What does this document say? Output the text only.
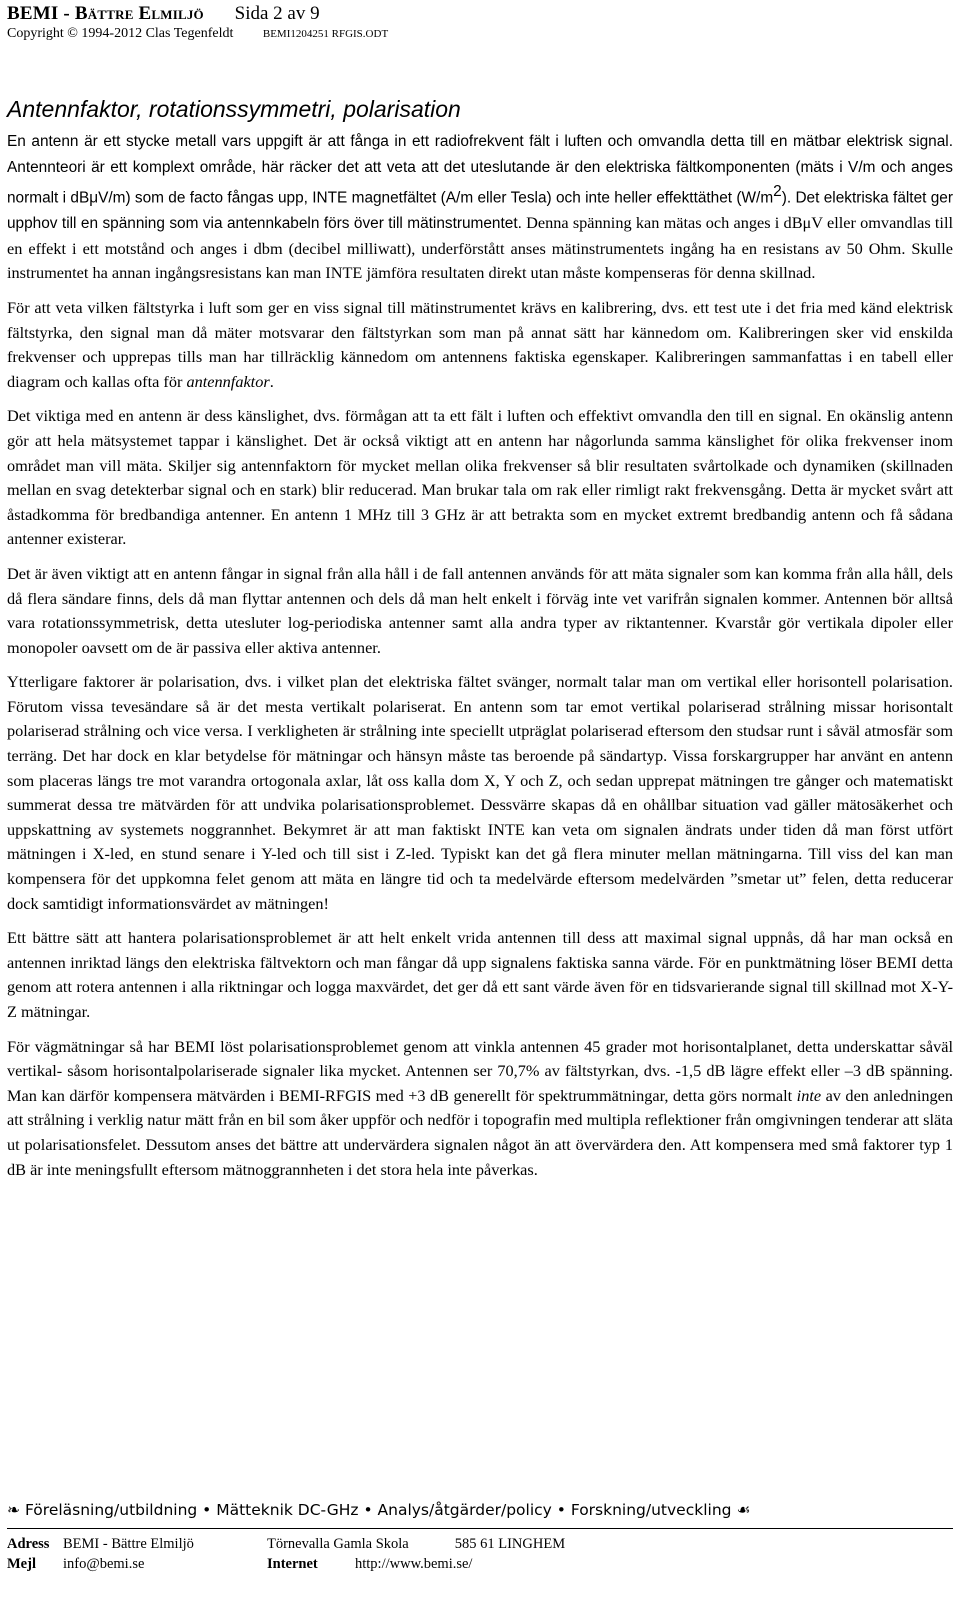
BEMI - Bättre Elmiljö Sida 2 av 9
Copyright © 1994-2012 Clas Tegenfeldt	BEMI1204251 RFGIS.ODT
Antennfaktor, rotationssymmetri, polarisation

En antenn är ett stycke metall vars uppgift är att fånga in ett radiofrekvent fält i luften och omvandla detta till en mätbar elektrisk signal. Antennteori är ett komplext område, här räcker det att veta att det uteslutande är den elektriska fältkomponenten (mäts i V/m och anges normalt i dBμV/m) som de facto fångas upp, INTE magnetfältet (A/m eller Tesla) och inte heller effekttäthet $(W/m^2)$. Det elektriska fältet ger upphov till en spänning som via antennkabeln förs över till mätinstrumentet. Denna spänning kan mätas och anges i dBμV eller omvandlas till en effekt i ett motstånd och anges i dbm (decibel milliwatt), underförstått anses mätinstrumentets ingång ha en resistans av 50 Ohm. Skulle instrumentet ha annan ingångsresistans kan man INTE jämföra resultaten direkt utan måste kompenseras för denna skillnad.

För att veta vilken fältstyrka i luft som ger en viss signal till mätinstrumentet krävs en kalibrering, dvs. ett test ute i det fria med känd elektrisk fältstyrka, den signal man då mäter motsvarar den fältstyrkan som man på annat sätt har kännedom om. Kalibreringen sker vid enskilda frekvenser och upprepas tills man har tillräcklig kännedom om antennens faktiska egenskaper. Kalibreringen sammanfattas i en tabell eller diagram och kallas ofta för antennfaktor.

Det viktiga med en antenn är dess känslighet, dvs. förmågan att ta ett fält i luften och effektivt omvandla den till en signal. En okänslig antenn gör att hela mätsystemet tappar i känslighet. Det är också viktigt att en antenn har någorlunda samma känslighet för olika frekvenser inom området man vill mäta. Skiljer sig antennfaktorn för mycket mellan olika frekvenser så blir resultaten svårtolkade och dynamiken (skillnaden mellan en svag detekterbar signal och en stark) blir reducerad. Man brukar tala om rak eller rimligt rakt frekvensgång. Detta är mycket svårt att åstadkomma för bredbandiga antenner. En antenn 1 MHz till 3 GHz är att betrakta som en mycket extremt bredbandig antenn och få sådana antenner existerar.

Det är även viktigt att en antenn fångar in signal från alla håll i de fall antennen används för att mäta signaler som kan komma från alla håll, dels då flera sändare finns, dels då man flyttar antennen och dels då man helt enkelt i förväg inte vet varifrån signalen kommer. Antennen bör alltså vara rotationssymmetrisk, detta utesluter log-periodiska antenner samt alla andra typer av riktantenner. Kvarstår gör vertikala dipoler eller monopoler oavsett om de är passiva eller aktiva antenner.

Ytterligare faktorer är polarisation, dvs. i vilket plan det elektriska fältet svänger, normalt talar man om vertikal eller horisontell polarisation. Förutom vissa tevesändare så är det mesta vertikalt polariserat. En antenn som tar emot vertikal polariserad strålning missar horisontalt polariserad strålning och vice versa. I verkligheten är strålning inte speciellt utpräglat polariserad eftersom den studsar runt i såväl atmosfär som terräng. Det har dock en klar betydelse för mätningar och hänsyn måste tas beroende på sändartyp. Vissa forskargrupper har använt en antenn som placeras längs tre mot varandra ortogonala axlar, låt oss kalla dom X, Y och Z, och sedan upprepat mätningen tre gånger och matematiskt summerat dessa tre mätvärden för att undvika polarisationsproblemet. Dessvärre skapas då en ohållbar situation vad gäller mätosäkerhet och uppskattning av systemets noggrannhet. Bekymret är att man faktiskt INTE kan veta om signalen ändrats under tiden då man först utfört mätningen i X-led, en stund senare i Y-led och till sist i Z-led. Typiskt kan det gå flera minuter mellan mätningarna. Till viss del kan man kompensera för det uppkomna felet genom att mäta en längre tid och ta medelvärde eftersom medelvärden ”smetar ut” felen, detta reducerar dock samtidigt informationsvärdet av mätningen!

Ett bättre sätt att hantera polarisationsproblemet är att helt enkelt vrida antennen till dess att maximal signal uppnås, då har man också en antennen inriktad längs den elektriska fältvektorn och man fångar då upp signalens faktiska sanna värde. För en punktmätning löser BEMI detta genom att rotera antennen i alla riktningar och logga maxvärdet, det ger då ett sant värde även för en tidsvarierande signal till skillnad mot X-Y-Z mätningar.

För vägmätningar så har BEMI löst polarisationsproblemet genom att vinkla antennen 45 grader mot horisontalplanet, detta underskattar såväl vertikal- såsom horisontalpolariserade signaler lika mycket. Antennen ser 70,7% av fältstyrkan, dvs. -1,5 dB lägre effekt eller –3 dB spänning. Man kan därför kompensera mätvärden i BEMI-RFGIS med +3 dB generellt för spektrummätningar, detta görs normalt inte av den anledningen att strålning i verklig natur mätt från en bil som åker uppför och nedför i topografin med multipla reflektioner från omgivningen tenderar att släta ut polarisationsfelet. Dessutom anses det bättre att undervärdera signalen något än att övervärdera den. Att kompensera med små faktorer typ 1 dB är inte meningsfullt eftersom mätnoggrannheten i det stora hela inte påverkas.

❧ Föreläsning/utbildning • Mätteknik DC-GHz • Analys/åtgärder/policy • Forskning/utveckling ☙
Adress BEMI - Bättre Elmiljö	Törnevalla Gamla Skola	585 61 LINGHEM
Mejl info@bemi.se	Internet	http://www.bemi.se/
